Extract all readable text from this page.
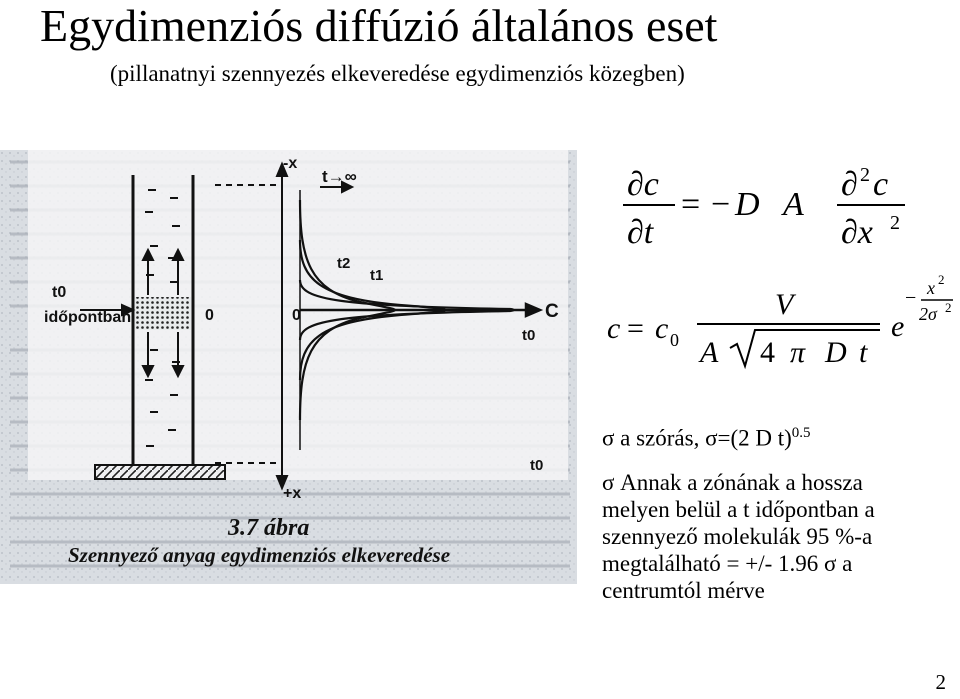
Egydimenziós diffúzió általános eset
(pillanatnyi szennyezés elkeveredése egydimenziós közegben)
-x
+x
t→∞
t2
t1
t0
t0
t0
időpontban	0	0	C
3.7 ábra
Szennyező anyag egydimenziós elkeveredése
∂c
∂t
= − D A
∂ 2 c
∂x 2
c = c 0
V
A 4 π D t
e
− x 2
2σ 2
σ a szórás, σ=(2 D t)$^{0.5}$
σ Annak a zónának a hossza
melyen belül a t időpontban a
szennyező molekulák 95 %-a
megtalálható = +/- 1.96 σ a
centrumtól mérve
2
